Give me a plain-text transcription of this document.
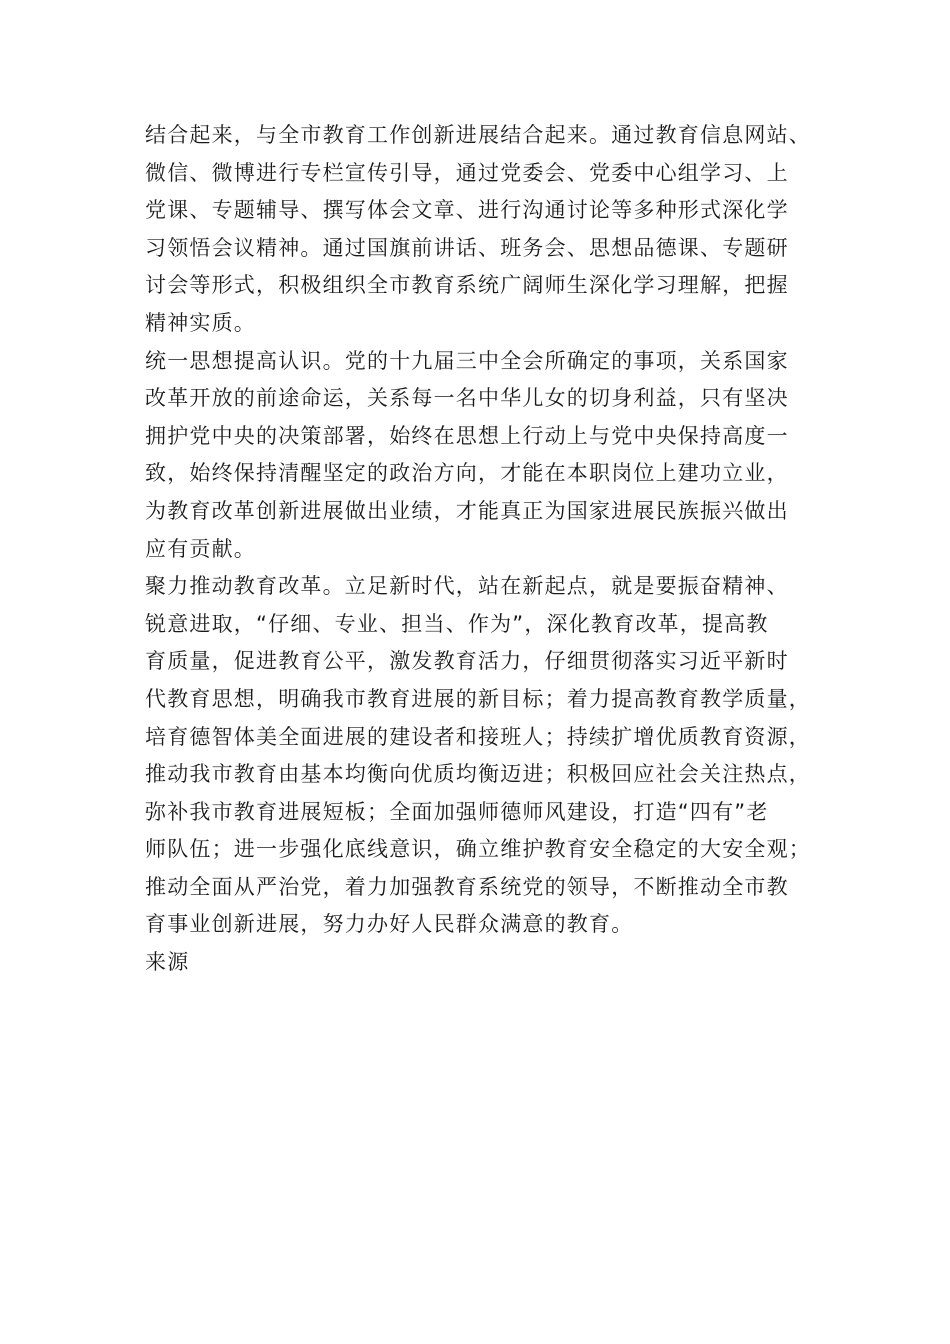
结合起来，与全市教育工作创新进展结合起来。通过教育信息网站、
微信、微博进行专栏宣传引导，通过党委会、党委中心组学习、上
党课、专题辅导、撰写体会文章、进行沟通讨论等多种形式深化学
习领悟会议精神。通过国旗前讲话、班务会、思想品德课、专题研
讨会等形式，积极组织全市教育系统广阔师生深化学习理解，把握
精神实质。

统一思想提高认识。党的十九届三中全会所确定的事项，关系国家
改革开放的前途命运，关系每一名中华儿女的切身利益，只有坚决
拥护党中央的决策部署，始终在思想上行动上与党中央保持高度一
致，始终保持清醒坚定的政治方向，才能在本职岗位上建功立业，
为教育改革创新进展做出业绩，才能真正为国家进展民族振兴做出
应有贡献。

聚力推动教育改革。立足新时代，站在新起点，就是要振奋精神、
锐意进取，“仔细、专业、担当、作为”，深化教育改革，提高教
育质量，促进教育公平，激发教育活力，仔细贯彻落实习近平新时
代教育思想，明确我市教育进展的新目标；着力提高教育教学质量，
培育德智体美全面进展的建设者和接班人；持续扩增优质教育资源，
推动我市教育由基本均衡向优质均衡迈进；积极回应社会关注热点，
弥补我市教育进展短板；全面加强师德师风建设，打造“四有”老
师队伍；进一步强化底线意识，确立维护教育安全稳定的大安全观；
推动全面从严治党，着力加强教育系统党的领导，不断推动全市教
育事业创新进展，努力办好人民群众满意的教育。

来源
